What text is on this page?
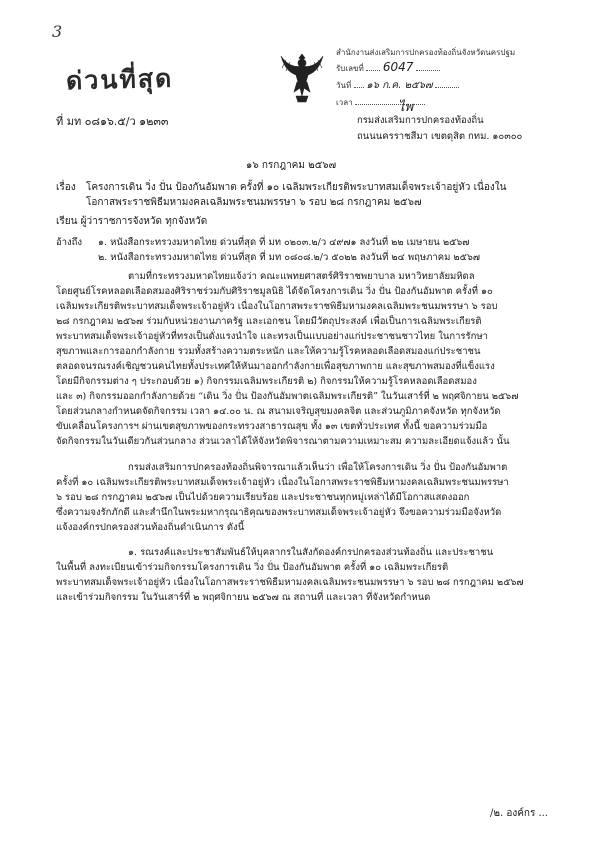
3
ด่วนที่สุด
สำนักงานส่งเสริมการปกครองท้องถิ่นจังหวัดนครปฐม
รับเลขที่ 6047
วันที่ ๑๖ ก.ค. ๒๕๖๗
เวลา	ไพ
ที่ มท ๐๘๑๖.๕/ว ๑๒๓๓	กรมส่งเสริมการปกครองท้องถิ่น
ถนนนครราชสีมา เขตดุสิต กทม. ๑๐๓๐๐
๑๖ กรกฎาคม ๒๕๖๗
เรื่อง โครงการเดิน วิ่ง ปั่น ป้องกันอัมพาต ครั้งที่ ๑๐ เฉลิมพระเกียรติพระบาทสมเด็จพระเจ้าอยู่หัว เนื่องใน
โอกาสพระราชพิธีมหามงคลเฉลิมพระชนมพรรษา ๖ รอบ ๒๘ กรกฎาคม ๒๕๖๗
เรียน ผู้ว่าราชการจังหวัด ทุกจังหวัด
อ้างถึง ๑. หนังสือกระทรวงมหาดไทย ด่วนที่สุด ที่ มท ๐๒๐๓.๒/ว ๔๙๗๑ ลงวันที่ ๒๒ เมษายน ๒๕๖๗
๒. หนังสือกระทรวงมหาดไทย ด่วนที่สุด ที่ มท ๐๘๐๘.๒/ว ๕๐๒๒ ลงวันที่ ๒๔ พฤษภาคม ๒๕๖๗
ตามที่กระทรวงมหาดไทยแจ้งว่า คณะแพทยศาสตร์ศิริราชพยาบาล มหาวิทยาลัยมหิดล
โดยศูนย์โรคหลอดเลือดสมองศิริราชร่วมกับศิริราชมูลนิธิ ได้จัดโครงการเดิน วิ่ง ปั่น ป้องกันอัมพาต ครั้งที่ ๑๐
เฉลิมพระเกียรติพระบาทสมเด็จพระเจ้าอยู่หัว เนื่องในโอกาสพระราชพิธีมหามงคลเฉลิมพระชนมพรรษา ๖ รอบ
๒๘ กรกฎาคม ๒๕๖๗ ร่วมกับหน่วยงานภาครัฐ และเอกชน โดยมีวัตถุประสงค์ เพื่อเป็นการเฉลิมพระเกียรติ
พระบาทสมเด็จพระเจ้าอยู่หัวที่ทรงเป็นดั่งแรงนำใจ และทรงเป็นแบบอย่างแก่ประชาชนชาวไทย ในการรักษา
สุขภาพและการออกกำลังกาย รวมทั้งสร้างความตระหนัก และให้ความรู้โรคหลอดเลือดสมองแก่ประชาชน
ตลอดจนรณรงค์เชิญชวนคนไทยทั้งประเทศให้หันมาออกกำลังกายเพื่อสุขภาพกาย และสุขภาพสมองที่แข็งแรง
โดยมีกิจกรรมต่าง ๆ ประกอบด้วย ๑) กิจกรรมเฉลิมพระเกียรติ ๒) กิจกรรมให้ความรู้โรคหลอดเลือดสมอง
และ ๓) กิจกรรมออกกำลังกายด้วย “เดิน วิ่ง ปั่น ป้องกันอัมพาตเฉลิมพระเกียรติ” ในวันเสาร์ที่ ๒ พฤศจิกายน ๒๕๖๗
โดยส่วนกลางกำหนดจัดกิจกรรม เวลา ๑๔.๐๐ น. ณ สนามเจริญสุขมงคลจิต และส่วนภูมิภาคจังหวัด ทุกจังหวัด
ขับเคลื่อนโครงการฯ ผ่านเขตสุขภาพของกระทรวงสาธารณสุข ทั้ง ๑๓ เขตทั่วประเทศ ทั้งนี้ ขอความร่วมมือ
จัดกิจกรรมในวันเดียวกันส่วนกลาง ส่วนเวลาได้ให้จังหวัดพิจารณาตามความเหมาะสม ความละเอียดแจ้งแล้ว นั้น
กรมส่งเสริมการปกครองท้องถิ่นพิจารณาแล้วเห็นว่า เพื่อให้โครงการเดิน วิ่ง ปั่น ป้องกันอัมพาต
ครั้งที่ ๑๐ เฉลิมพระเกียรติพระบาทสมเด็จพระเจ้าอยู่หัว เนื่องในโอกาสพระราชพิธีมหามงคลเฉลิมพระชนมพรรษา
๖ รอบ ๒๘ กรกฎาคม ๒๕๖๗ เป็นไปด้วยความเรียบร้อย และประชาชนทุกหมู่เหล่าได้มีโอกาสแสดงออก
ซึ่งความจงรักภักดี และสำนึกในพระมหากรุณาธิคุณของพระบาทสมเด็จพระเจ้าอยู่หัว จึงขอความร่วมมือจังหวัด
แจ้งองค์กรปกครองส่วนท้องถิ่นดำเนินการ ดังนี้
๑. รณรงค์และประชาสัมพันธ์ให้บุคลากรในสังกัดองค์กรปกครองส่วนท้องถิ่น และประชาชน
ในพื้นที่ ลงทะเบียนเข้าร่วมกิจกรรมโครงการเดิน วิ่ง ปั่น ป้องกันอัมพาต ครั้งที่ ๑๐ เฉลิมพระเกียรติ
พระบาทสมเด็จพระเจ้าอยู่หัว เนื่องในโอกาสพระราชพิธีมหามงคลเฉลิมพระชนมพรรษา ๖ รอบ ๒๘ กรกฎาคม ๒๕๖๗
และเข้าร่วมกิจกรรม ในวันเสาร์ที่ ๒ พฤศจิกายน ๒๕๖๗ ณ สถานที่ และเวลา ที่จังหวัดกำหนด
/๒. องค์กร ...
